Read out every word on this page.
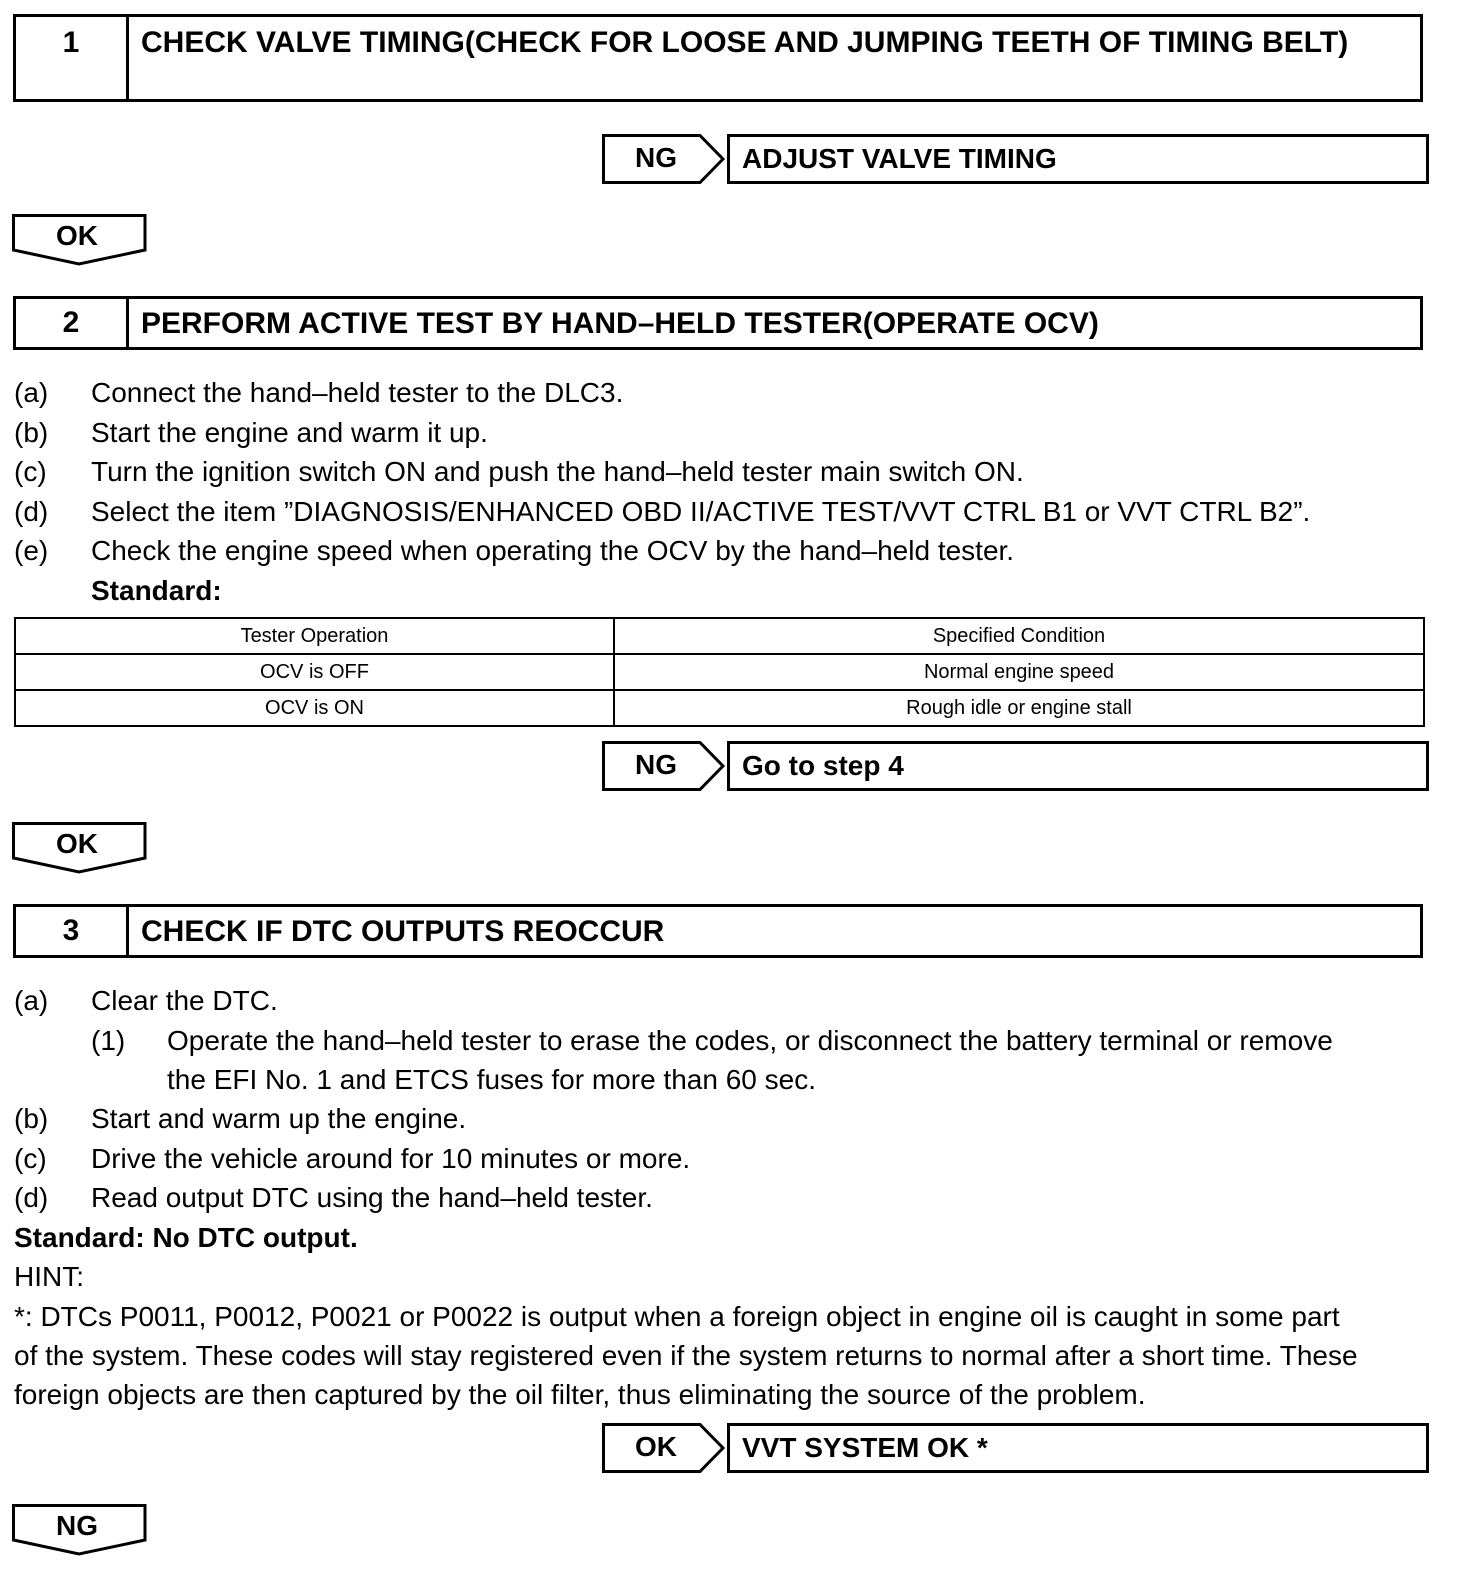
1	CHECK VALVE TIMING(CHECK FOR LOOSE AND JUMPING TEETH OF TIMING BELT)
NG	ADJUST VALVE TIMING
OK
2	PERFORM ACTIVE TEST BY HAND–HELD TESTER(OPERATE OCV)
(a) Connect the hand–held tester to the DLC3.
(b) Start the engine and warm it up.
(c) Turn the ignition switch ON and push the hand–held tester main switch ON.
(d) Select the item ”DIAGNOSIS/ENHANCED OBD II/ACTIVE TEST/VVT CTRL B1 or VVT CTRL B2”.
(e) Check the engine speed when operating the OCV by the hand–held tester.
Standard:
Tester Operation	Specified Condition
OCV is OFF	Normal engine speed
OCV is ON	Rough idle or engine stall
NG	Go to step 4
OK
3	CHECK IF DTC OUTPUTS REOCCUR
(a) Clear the DTC.
(1) Operate the hand–held tester to erase the codes, or disconnect the battery terminal or remove
the EFI No. 1 and ETCS fuses for more than 60 sec.
(b) Start and warm up the engine.
(c) Drive the vehicle around for 10 minutes or more.
(d) Read output DTC using the hand–held tester.
Standard: No DTC output.
HINT:
*: DTCs P0011, P0012, P0021 or P0022 is output when a foreign object in engine oil is caught in some part
of the system. These codes will stay registered even if the system returns to normal after a short time. These
foreign objects are then captured by the oil filter, thus eliminating the source of the problem.
OK	VVT SYSTEM OK *
NG
